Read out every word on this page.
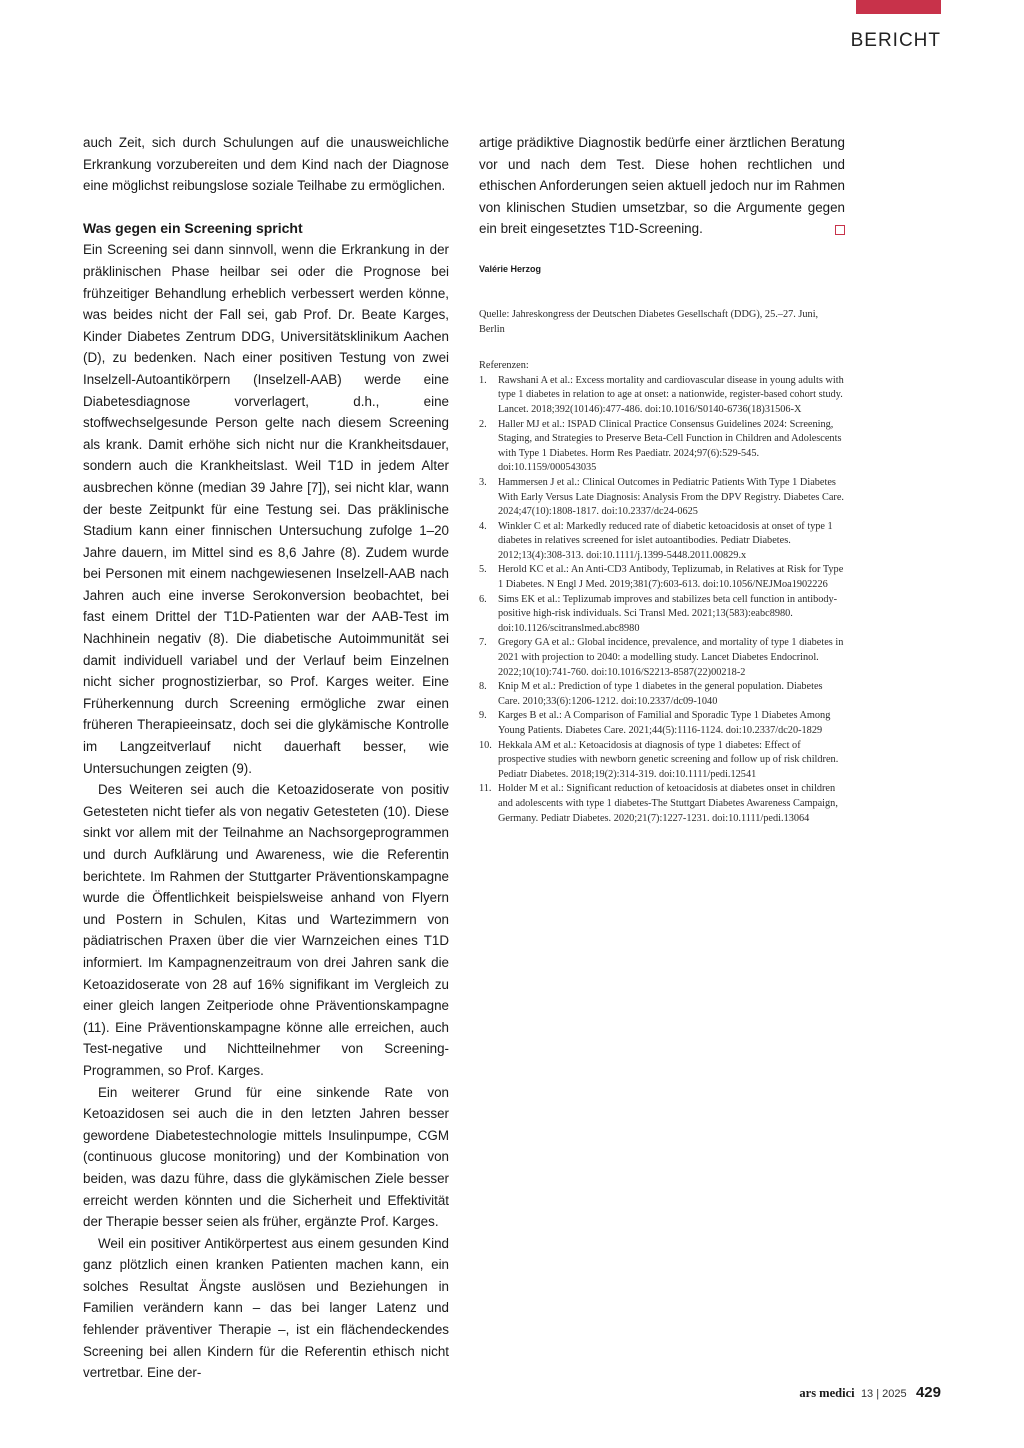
BERICHT

auch Zeit, sich durch Schulungen auf die unausweichliche Erkrankung vorzubereiten und dem Kind nach der Diagnose eine möglichst reibungslose soziale Teilhabe zu ermöglichen.

Was gegen ein Screening spricht

Ein Screening sei dann sinnvoll, wenn die Erkrankung in der präklinischen Phase heilbar sei oder die Prognose bei frühzeitiger Behandlung erheblich verbessert werden könne, was beides nicht der Fall sei, gab Prof. Dr. Beate Karges, Kinder Diabetes Zentrum DDG, Universitätsklinikum Aachen (D), zu bedenken. Nach einer positiven Testung von zwei Inselzell-Autoantikörpern (Inselzell-AAB) werde eine Diabetesdiagnose vorverlagert, d.h., eine stoffwechselgesunde Person gelte nach diesem Screening als krank. Damit erhöhe sich nicht nur die Krankheitsdauer, sondern auch die Krankheitslast. Weil T1D in jedem Alter ausbrechen könne (median 39 Jahre [7]), sei nicht klar, wann der beste Zeitpunkt für eine Testung sei. Das präklinische Stadium kann einer finnischen Untersuchung zufolge 1–20 Jahre dauern, im Mittel sind es 8,6 Jahre (8). Zudem wurde bei Personen mit einem nachgewiesenen Inselzell-AAB nach Jahren auch eine inverse Serokonversion beobachtet, bei fast einem Drittel der T1D-Patienten war der AAB-Test im Nachhinein negativ (8). Die diabetische Autoimmunität sei damit individuell variabel und der Verlauf beim Einzelnen nicht sicher prognostizierbar, so Prof. Karges weiter. Eine Früherkennung durch Screening ermögliche zwar einen früheren Therapieeinsatz, doch sei die glykämische Kontrolle im Langzeitverlauf nicht dauerhaft besser, wie Untersuchungen zeigten (9).

Des Weiteren sei auch die Ketoazidoserate von positiv Getesteten nicht tiefer als von negativ Getesteten (10). Diese sinkt vor allem mit der Teilnahme an Nachsorgeprogrammen und durch Aufklärung und Awareness, wie die Referentin berichtete. Im Rahmen der Stuttgarter Präventionskampagne wurde die Öffentlichkeit beispielsweise anhand von Flyern und Postern in Schulen, Kitas und Wartezimmern von pädiatrischen Praxen über die vier Warnzeichen eines T1D informiert. Im Kampagnenzeitraum von drei Jahren sank die Ketoazidoserate von 28 auf 16% signifikant im Vergleich zu einer gleich langen Zeitperiode ohne Präventionskampagne (11). Eine Präventionskampagne könne alle erreichen, auch Test-negative und Nichtteilnehmer von Screening-Programmen, so Prof. Karges.

Ein weiterer Grund für eine sinkende Rate von Ketoazidosen sei auch die in den letzten Jahren besser gewordene Diabetestechnologie mittels Insulinpumpe, CGM (continuous glucose monitoring) und der Kombination von beiden, was dazu führe, dass die glykämischen Ziele besser erreicht werden könnten und die Sicherheit und Effektivität der Therapie besser seien als früher, ergänzte Prof. Karges.

Weil ein positiver Antikörpertest aus einem gesunden Kind ganz plötzlich einen kranken Patienten machen kann, ein solches Resultat Ängste auslösen und Beziehungen in Familien verändern kann – das bei langer Latenz und fehlender präventiver Therapie –, ist ein flächendeckendes Screening bei allen Kindern für die Referentin ethisch nicht vertretbar. Eine der-

artige prädiktive Diagnostik bedürfe einer ärztlichen Beratung vor und nach dem Test. Diese hohen rechtlichen und ethischen Anforderungen seien aktuell jedoch nur im Rahmen von klinischen Studien umsetzbar, so die Argumente gegen ein breit eingesetztes T1D-Screening.

Valérie Herzog

Quelle: Jahreskongress der Deutschen Diabetes Gesellschaft (DDG), 25.–27. Juni, Berlin

Referenzen:

1. Rawshani A et al.: Excess mortality and cardiovascular disease in young adults with type 1 diabetes in relation to age at onset: a nationwide, register-based cohort study. Lancet. 2018;392(10146):477-486. doi:10.1016/S0140-6736(18)31506-X
2. Haller MJ et al.: ISPAD Clinical Practice Consensus Guidelines 2024: Screening, Staging, and Strategies to Preserve Beta-Cell Function in Children and Adolescents with Type 1 Diabetes. Horm Res Paediatr. 2024;97(6):529-545. doi:10.1159/000543035
3. Hammersen J et al.: Clinical Outcomes in Pediatric Patients With Type 1 Diabetes With Early Versus Late Diagnosis: Analysis From the DPV Registry. Diabetes Care. 2024;47(10):1808-1817. doi:10.2337/dc24-0625
4. Winkler C et al: Markedly reduced rate of diabetic ketoacidosis at onset of type 1 diabetes in relatives screened for islet autoantibodies. Pediatr Diabetes. 2012;13(4):308-313. doi:10.1111/j.1399-5448.2011.00829.x
5. Herold KC et al.: An Anti-CD3 Antibody, Teplizumab, in Relatives at Risk for Type 1 Diabetes. N Engl J Med. 2019;381(7):603-613. doi:10.1056/NEJMoa1902226
6. Sims EK et al.: Teplizumab improves and stabilizes beta cell function in antibody-positive high-risk individuals. Sci Transl Med. 2021;13(583):eabc8980. doi:10.1126/scitranslmed.abc8980
7. Gregory GA et al.: Global incidence, prevalence, and mortality of type 1 diabetes in 2021 with projection to 2040: a modelling study. Lancet Diabetes Endocrinol. 2022;10(10):741-760. doi:10.1016/S2213-8587(22)00218-2
8. Knip M et al.: Prediction of type 1 diabetes in the general population. Diabetes Care. 2010;33(6):1206-1212. doi:10.2337/dc09-1040
9. Karges B et al.: A Comparison of Familial and Sporadic Type 1 Diabetes Among Young Patients. Diabetes Care. 2021;44(5):1116-1124. doi:10.2337/dc20-1829
10. Hekkala AM et al.: Ketoacidosis at diagnosis of type 1 diabetes: Effect of prospective studies with newborn genetic screening and follow up of risk children. Pediatr Diabetes. 2018;19(2):314-319. doi:10.1111/pedi.12541
11. Holder M et al.: Significant reduction of ketoacidosis at diabetes onset in children and adolescents with type 1 diabetes-The Stuttgart Diabetes Awareness Campaign, Germany. Pediatr Diabetes. 2020;21(7):1227-1231. doi:10.1111/pedi.13064
ars medici 13 | 2025 429
